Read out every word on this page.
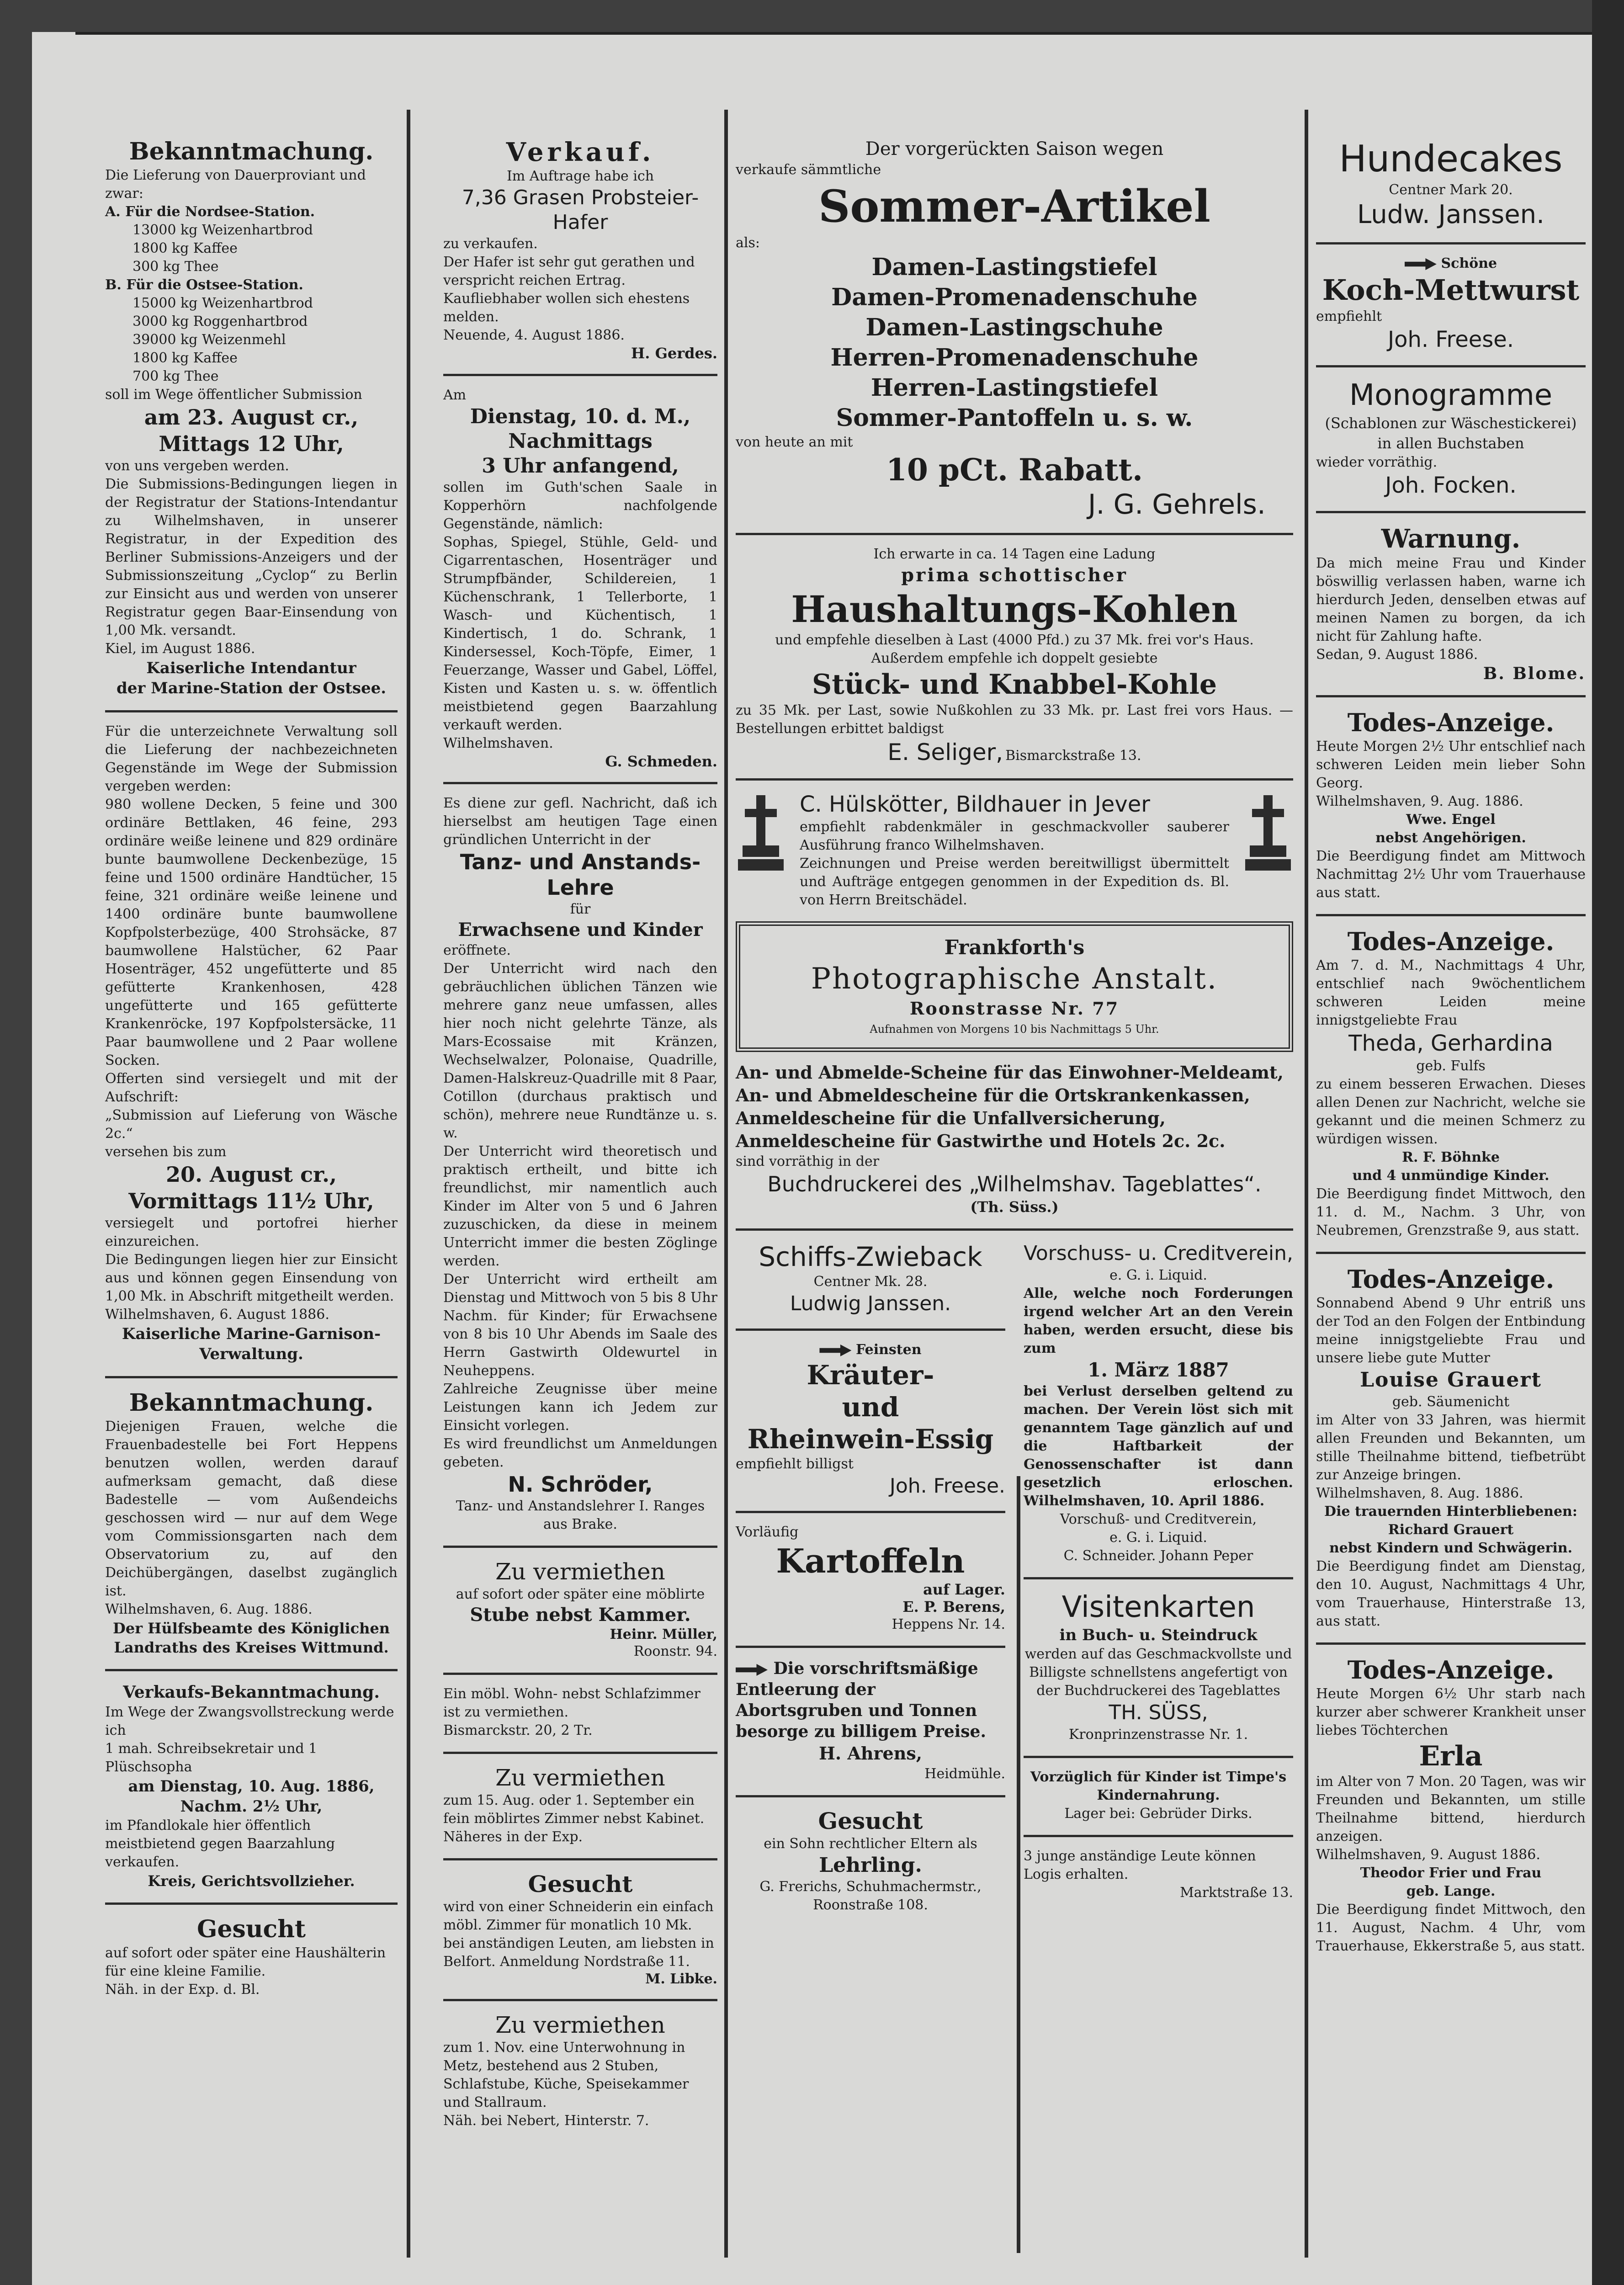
Bekanntmachung.

Die Lieferung von Dauerproviant und zwar:

A. Für die Nordsee-Station.

13000 kg Weizenhartbrod
1800 kg Kaffee
300 kg Thee

B. Für die Ostsee-Station.

15000 kg Weizenhartbrod
3000 kg Roggenhartbrod
39000 kg Weizenmehl
1800 kg Kaffee
700 kg Thee

soll im Wege öffentlicher Submission

am 23. August cr.,
Mittags 12 Uhr,

von uns vergeben werden.
Die Submissions-Bedingungen liegen in der Registratur der Stations-Intendantur zu Wilhelmshaven, in unserer Registratur, in der Expedition des Berliner Submissions-Anzeigers und der Submissionszeitung „Cyclop“ zu Berlin zur Einsicht aus und werden von unserer Registratur gegen Baar-Einsendung von 1,00 Mk. versandt.
Kiel, im August 1886.

Kaiserliche Intendantur
der Marine-Station der Ostsee.

Für die unterzeichnete Verwaltung soll die Lieferung der nachbezeichneten Gegenstände im Wege der Submission vergeben werden:
980 wollene Decken, 5 feine und 300 ordinäre Bettlaken, 46 feine, 293 ordinäre weiße leinene und 829 ordinäre bunte baumwollene Deckenbezüge, 15 feine und 1500 ordinäre Handtücher, 15 feine, 321 ordinäre weiße leinene und 1400 ordinäre bunte baumwollene Kopfpolsterbezüge, 400 Strohsäcke, 87 baumwollene Halstücher, 62 Paar Hosenträger, 452 ungefütterte und 85 gefütterte Krankenhosen, 428 ungefütterte und 165 gefütterte Krankenröcke, 197 Kopfpolstersäcke, 11 Paar baumwollene und 2 Paar wollene Socken.
Offerten sind versiegelt und mit der Aufschrift:
„Submission auf Lieferung von Wäsche 2c.“
versehen bis zum

20. August cr.,
Vormittags 11½ Uhr,

versiegelt und portofrei hierher einzureichen.
Die Bedingungen liegen hier zur Einsicht aus und können gegen Einsendung von 1,00 Mk. in Abschrift mitgetheilt werden.
Wilhelmshaven, 6. August 1886.

Kaiserliche Marine-Garnison-Verwaltung.

Bekanntmachung.

Diejenigen Frauen, welche die Frauenbadestelle bei Fort Heppens benutzen wollen, werden darauf aufmerksam gemacht, daß diese Badestelle — vom Außendeichs geschossen wird — nur auf dem Wege vom Commissionsgarten nach dem Observatorium zu, auf den Deichübergängen, daselbst zugänglich ist.
Wilhelmshaven, 6. Aug. 1886.

Der Hülfsbeamte des Königlichen Landraths des Kreises Wittmund.

Verkaufs-Bekanntmachung.

Im Wege der Zwangsvollstreckung werde ich
1 mah. Schreibsekretair und 1 Plüschsopha

am Dienstag, 10. Aug. 1886,
Nachm. 2½ Uhr,

im Pfandlokale hier öffentlich meistbietend gegen Baarzahlung verkaufen.

Kreis, Gerichtsvollzieher.

Gesucht

auf sofort oder später eine Haushälterin für eine kleine Familie.
Näh. in der Exp. d. Bl.

Verkauf.

Im Auftrage habe ich

7,36 Grasen Probsteier-Hafer

zu verkaufen.
Der Hafer ist sehr gut gerathen und verspricht reichen Ertrag.
Kaufliebhaber wollen sich ehestens melden.
Neuende, 4. August 1886.

H. Gerdes.

Am

Dienstag, 10. d. M.,
Nachmittags
3 Uhr anfangend,

sollen im Guth'schen Saale in Kopperhörn nachfolgende Gegenstände, nämlich:
Sophas, Spiegel, Stühle, Geld- und Cigarrentaschen, Hosenträger und Strumpfbänder, Schildereien, 1 Küchenschrank, 1 Tellerborte, 1 Wasch- und Küchentisch, 1 Kindertisch, 1 do. Schrank, 1 Kindersessel, Koch-Töpfe, Eimer, 1 Feuerzange, Wasser und Gabel, Löffel, Kisten und Kasten u. s. w. öffentlich meistbietend gegen Baarzahlung verkauft werden.
Wilhelmshaven.

G. Schmeden.

Es diene zur gefl. Nachricht, daß ich hierselbst am heutigen Tage einen gründlichen Unterricht in der

Tanz- und Anstands-Lehre

für

Erwachsene und Kinder

eröffnete.
Der Unterricht wird nach den gebräuchlichen üblichen Tänzen wie mehrere ganz neue umfassen, alles hier noch nicht gelehrte Tänze, als Mars-Ecossaise mit Kränzen, Wechselwalzer, Polonaise, Quadrille, Damen-Halskreuz-Quadrille mit 8 Paar, Cotillon (durchaus praktisch und schön), mehrere neue Rundtänze u. s. w.
Der Unterricht wird theoretisch und praktisch ertheilt, und bitte ich freundlichst, mir namentlich auch Kinder im Alter von 5 und 6 Jahren zuzuschicken, da diese in meinem Unterricht immer die besten Zöglinge werden.
Der Unterricht wird ertheilt am Dienstag und Mittwoch von 5 bis 8 Uhr Nachm. für Kinder; für Erwachsene von 8 bis 10 Uhr Abends im Saale des Herrn Gastwirth Oldewurtel in Neuheppens.
Zahlreiche Zeugnisse über meine Leistungen kann ich Jedem zur Einsicht vorlegen.
Es wird freundlichst um Anmeldungen gebeten.

N. Schröder,

Tanz- und Anstandslehrer I. Ranges aus Brake.

Zu vermiethen

auf sofort oder später eine möblirte

Stube nebst Kammer.

Heinr. Müller,

Roonstr. 94.

Ein möbl. Wohn- nebst Schlafzimmer ist zu vermiethen.
Bismarckstr. 20, 2 Tr.

Zu vermiethen

zum 15. Aug. oder 1. September ein fein möblirtes Zimmer nebst Kabinet. Näheres in der Exp.

Gesucht

wird von einer Schneiderin ein einfach möbl. Zimmer für monatlich 10 Mk. bei anständigen Leuten, am liebsten in Belfort. Anmeldung Nordstraße 11.

M. Libke.

Zu vermiethen

zum 1. Nov. eine Unterwohnung in Metz, bestehend aus 2 Stuben, Schlafstube, Küche, Speisekammer und Stallraum.
Näh. bei Nebert, Hinterstr. 7.

Der vorgerückten Saison wegen

verkaufe sämmtliche

Sommer-Artikel

als:

Damen-Lastingstiefel
Damen-Promenadenschuhe
Damen-Lastingschuhe
Herren-Promenadenschuhe
Herren-Lastingstiefel
Sommer-Pantoffeln u. s. w.

von heute an mit

10 pCt. Rabatt.

J. G. Gehrels.

Ich erwarte in ca. 14 Tagen eine Ladung

prima schottischer

Haushaltungs-Kohlen

und empfehle dieselben à Last (4000 Pfd.) zu 37 Mk. frei vor's Haus.
Außerdem empfehle ich doppelt gesiebte

Stück- und Knabbel-Kohle

zu 35 Mk. per Last, sowie Nußkohlen zu 33 Mk. pr. Last frei vors Haus. — Bestellungen erbittet baldigst

E. Seliger, Bismarckstraße 13.

C. Hülskötter, Bildhauer in Jever

empfiehlt rabdenkmäler in geschmackvoller sauberer Ausführung franco Wilhelmshaven.
Zeichnungen und Preise werden bereitwilligst übermittelt und Aufträge entgegen genommen in der Expedition ds. Bl. von Herrn Breitschädel.

Frankforth's

Photographische Anstalt.

Roonstrasse Nr. 77

Aufnahmen von Morgens 10 bis Nachmittags 5 Uhr.

An- und Abmelde-Scheine für das Einwohner-Meldeamt,
An- und Abmeldescheine für die Ortskrankenkassen,
Anmeldescheine für die Unfallversicherung,
Anmeldescheine für Gastwirthe und Hotels 2c. 2c.

sind vorräthig in der

Buchdruckerei des „Wilhelmshav. Tageblattes“.

(Th. Süss.)

Schiffs-Zwieback

Centner Mk. 28.

Ludwig Janssen.

Feinsten

Kräuter-
und
Rheinwein-Essig

empfiehlt billigst

Joh. Freese.

Vorläufig

Kartoffeln

auf Lager.

E. P. Berens,

Heppens Nr. 14.

Die vorschriftsmäßige Entleerung der Abortsgruben und Tonnen besorge zu billigem Preise.

H. Ahrens,

Heidmühle.

Gesucht

ein Sohn rechtlicher Eltern als

Lehrling.

G. Frerichs, Schuhmachermstr., Roonstraße 108.

Vorschuss- u. Creditverein,

e. G. i. Liquid.

Alle, welche noch Forderungen irgend welcher Art an den Verein haben, werden ersucht, diese bis zum

1. März 1887

bei Verlust derselben geltend zu machen. Der Verein löst sich mit genanntem Tage gänzlich auf und die Haftbarkeit der Genossenschafter ist dann gesetzlich erloschen. Wilhelmshaven, 10. April 1886.

Vorschuß- und Creditverein,
e. G. i. Liquid.
C. Schneider. Johann Peper

Visitenkarten

in Buch- u. Steindruck

werden auf das Geschmackvollste und Billigste schnellstens angefertigt von der Buchdruckerei des Tageblattes

TH. SÜSS,

Kronprinzenstrasse Nr. 1.

Vorzüglich für Kinder ist Timpe's Kindernahrung.

Lager bei: Gebrüder Dirks.

3 junge anständige Leute können Logis erhalten.

Marktstraße 13.

Hundecakes

Centner Mark 20.

Ludw. Janssen.

Schöne

Koch-Mettwurst

empfiehlt

Joh. Freese.

Monogramme

(Schablonen zur Wäschestickerei)
in allen Buchstaben

wieder vorräthig.

Joh. Focken.

Warnung.

Da mich meine Frau und Kinder böswillig verlassen haben, warne ich hierdurch Jeden, denselben etwas auf meinen Namen zu borgen, da ich nicht für Zahlung hafte.
Sedan, 9. August 1886.

B. Blome.

Todes-Anzeige.

Heute Morgen 2½ Uhr entschlief nach schweren Leiden mein lieber Sohn Georg.
Wilhelmshaven, 9. Aug. 1886.

Wwe. Engel
nebst Angehörigen.

Die Beerdigung findet am Mittwoch Nachmittag 2½ Uhr vom Trauerhause aus statt.

Todes-Anzeige.

Am 7. d. M., Nachmittags 4 Uhr, entschlief nach 9wöchentlichem schweren Leiden meine innigstgeliebte Frau

Theda, Gerhardina

geb. Fulfs

zu einem besseren Erwachen. Dieses allen Denen zur Nachricht, welche sie gekannt und die meinen Schmerz zu würdigen wissen.

R. F. Böhnke
und 4 unmündige Kinder.

Die Beerdigung findet Mittwoch, den 11. d. M., Nachm. 3 Uhr, von Neubremen, Grenzstraße 9, aus statt.

Todes-Anzeige.

Sonnabend Abend 9 Uhr entriß uns der Tod an den Folgen der Entbindung meine innigstgeliebte Frau und unsere liebe gute Mutter

Louise Grauert

geb. Säumenicht

im Alter von 33 Jahren, was hiermit allen Freunden und Bekannten, um stille Theilnahme bittend, tiefbetrübt zur Anzeige bringen.
Wilhelmshaven, 8. Aug. 1886.

Die trauernden Hinterbliebenen:
Richard Grauert
nebst Kindern und Schwägerin.

Die Beerdigung findet am Dienstag, den 10. August, Nachmittags 4 Uhr, vom Trauerhause, Hinterstraße 13, aus statt.

Todes-Anzeige.

Heute Morgen 6½ Uhr starb nach kurzer aber schwerer Krankheit unser liebes Töchterchen

Erla

im Alter von 7 Mon. 20 Tagen, was wir Freunden und Bekannten, um stille Theilnahme bittend, hierdurch anzeigen.
Wilhelmshaven, 9. August 1886.

Theodor Frier und Frau
geb. Lange.

Die Beerdigung findet Mittwoch, den 11. August, Nachm. 4 Uhr, vom Trauerhause, Ekkerstraße 5, aus statt.
